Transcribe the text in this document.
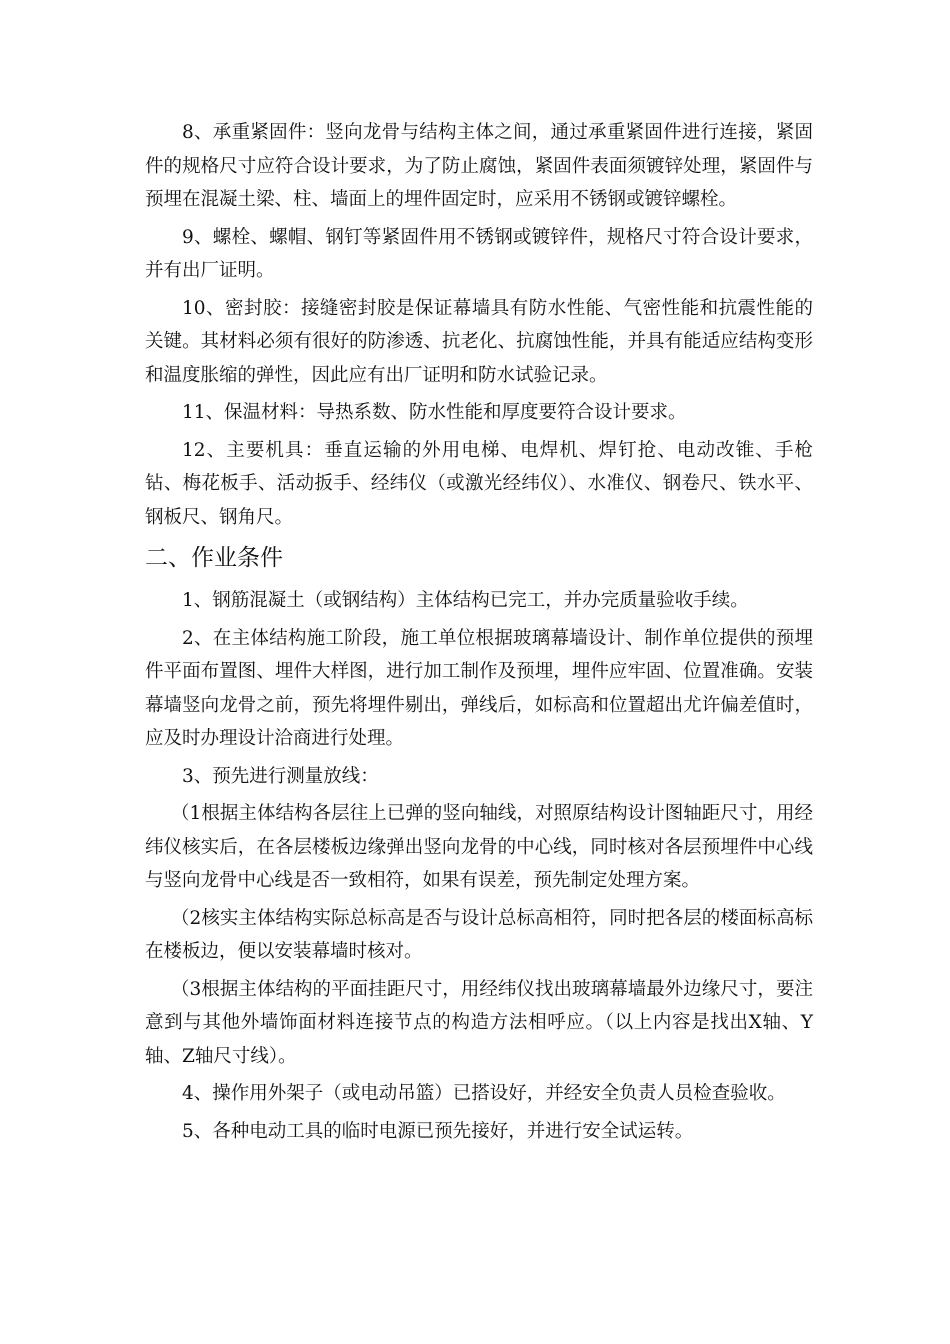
8、承重紧固件：竖向龙骨与结构主体之间，通过承重紧固件进行连接，紧固件的规格尺寸应符合设计要求，为了防止腐蚀，紧固件表面须镀锌处理，紧固件与预埋在混凝土梁、柱、墙面上的埋件固定时，应采用不锈钢或镀锌螺栓。

9、螺栓、螺帽、钢钉等紧固件用不锈钢或镀锌件，规格尺寸符合设计要求，并有出厂证明。

10、密封胶：接缝密封胶是保证幕墙具有防水性能、气密性能和抗震性能的关键。其材料必须有很好的防渗透、抗老化、抗腐蚀性能，并具有能适应结构变形和温度胀缩的弹性，因此应有出厂证明和防水试验记录。

11、保温材料：导热系数、防水性能和厚度要符合设计要求。

12、主要机具：垂直运输的外用电梯、电焊机、焊钉抢、电动改锥、手枪钻、梅花板手、活动扳手、经纬仪（或激光经纬仪）、水准仪、钢卷尺、铁水平、钢板尺、钢角尺。

二、作业条件

1、钢筋混凝土（或钢结构）主体结构已完工，并办完质量验收手续。

2、在主体结构施工阶段，施工单位根据玻璃幕墙设计、制作单位提供的预埋件平面布置图、埋件大样图，进行加工制作及预埋，埋件应牢固、位置准确。安装幕墙竖向龙骨之前，预先将埋件剔出，弹线后，如标高和位置超出尤许偏差值时，应及时办理设计洽商进行处理。

3、预先进行测量放线：

（1根据主体结构各层往上已弹的竖向轴线，对照原结构设计图轴距尺寸，用经纬仪核实后，在各层楼板边缘弹出竖向龙骨的中心线，同时核对各层预埋件中心线与竖向龙骨中心线是否一致相符，如果有误差，预先制定处理方案。

（2核实主体结构实际总标高是否与设计总标高相符，同时把各层的楼面标高标在楼板边，便以安装幕墙时核对。

（3根据主体结构的平面挂距尺寸，用经纬仪找出玻璃幕墙最外边缘尺寸，要注意到与其他外墙饰面材料连接节点的构造方法相呼应。（以上内容是找出X轴、Y轴、Z轴尺寸线）。

4、操作用外架子（或电动吊篮）已搭设好，并经安全负责人员检查验收。

5、各种电动工具的临时电源已预先接好，并进行安全试运转。
